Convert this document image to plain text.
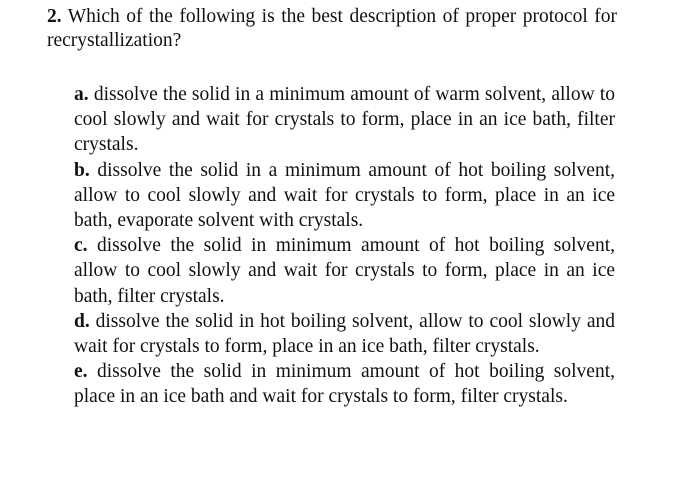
2. Which of the following is the best description of proper protocol for recrystallization?
a. dissolve the solid in a minimum amount of warm solvent, allow to cool slowly and wait for crystals to form, place in an ice bath, filter crystals.
b. dissolve the solid in a minimum amount of hot boiling solvent, allow to cool slowly and wait for crystals to form, place in an ice bath, evaporate solvent with crystals.
c. dissolve the solid in minimum amount of hot boiling solvent, allow to cool slowly and wait for crystals to form, place in an ice bath, filter crystals.
d. dissolve the solid in hot boiling solvent, allow to cool slowly and wait for crystals to form, place in an ice bath, filter crystals.
e. dissolve the solid in minimum amount of hot boiling solvent, place in an ice bath and wait for crystals to form, filter crystals.
